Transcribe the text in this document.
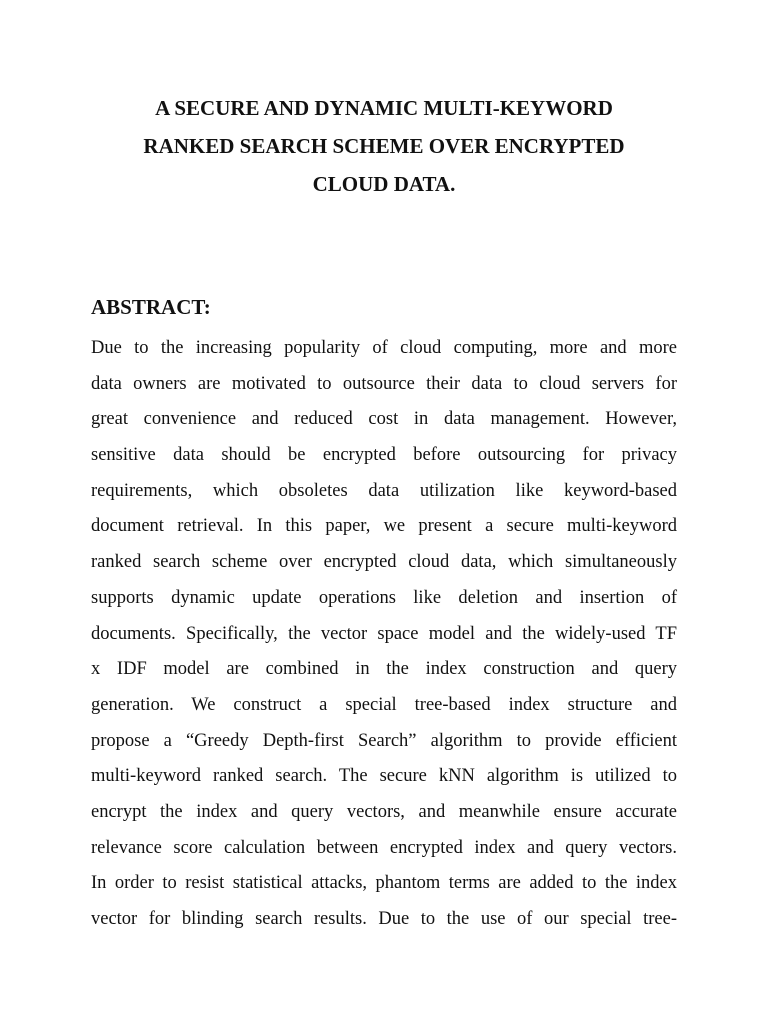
A SECURE AND DYNAMIC MULTI-KEYWORD
RANKED SEARCH SCHEME OVER ENCRYPTED
CLOUD DATA.
ABSTRACT:
Due to the increasing popularity of cloud computing, more and more
data owners are motivated to outsource their data to cloud servers for
great convenience and reduced cost in data management. However,
sensitive data should be encrypted before outsourcing for privacy
requirements, which obsoletes data utilization like keyword-based
document retrieval. In this paper, we present a secure multi-keyword
ranked search scheme over encrypted cloud data, which simultaneously
supports dynamic update operations like deletion and insertion of
documents. Specifically, the vector space model and the widely-used TF
x IDF model are combined in the index construction and query
generation. We construct a special tree-based index structure and
propose a “Greedy Depth-first Search” algorithm to provide efficient
multi-keyword ranked search. The secure kNN algorithm is utilized to
encrypt the index and query vectors, and meanwhile ensure accurate
relevance score calculation between encrypted index and query vectors.
In order to resist statistical attacks, phantom terms are added to the index
vector for blinding search results. Due to the use of our special tree-
